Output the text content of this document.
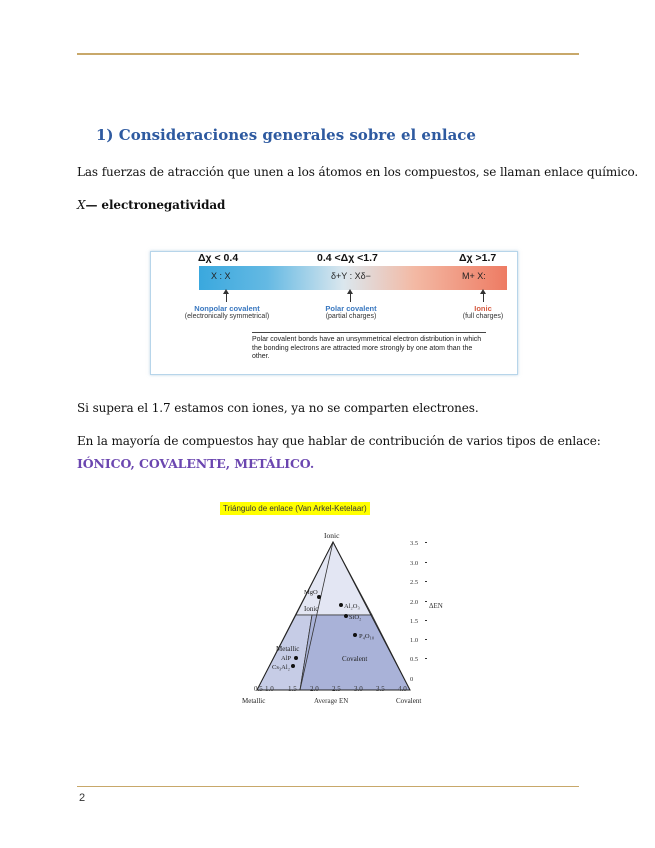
1) Consideraciones generales sobre el enlace

Las fuerzas de atracción que unen a los átomos en los compuestos, se llaman enlace químico.

X— electronegatividad

Δχ < 0.4	0.4 <Δχ <1.7	Δχ >1.7
X : X	δ+Y : Xδ−	M+ X:
Nonpolar covalent	Polar covalent	Ionic
(electronically symmetrical)	(partial charges)	(full charges)
Polar covalent bonds have an unsymmetrical electron distribution in which the bonding electrons are attracted more strongly by one atom than the other.

Si supera el 1.7 estamos con iones, ya no se comparten electrones.

En la mayoría de compuestos hay que hablar de contribución de varios tipos de enlace:

IÓNICO, COVALENTE, METÁLICO.

Triángulo de enlace (Van Arkel-Ketelaar)
Ionic
Metallic	Covalent
Ionic
Metallic
Covalent
MgO
Al₂O₃
SiO₂
P₄O₁₀
AlP
Cs₃Al₂
0.5 1.0 1.5 2.0 2.5 3.0 3.5 4.0
Average EN
3.5
3.0
2.5
2.0
1.5
1.0
0.5
0
ΔEN
2
